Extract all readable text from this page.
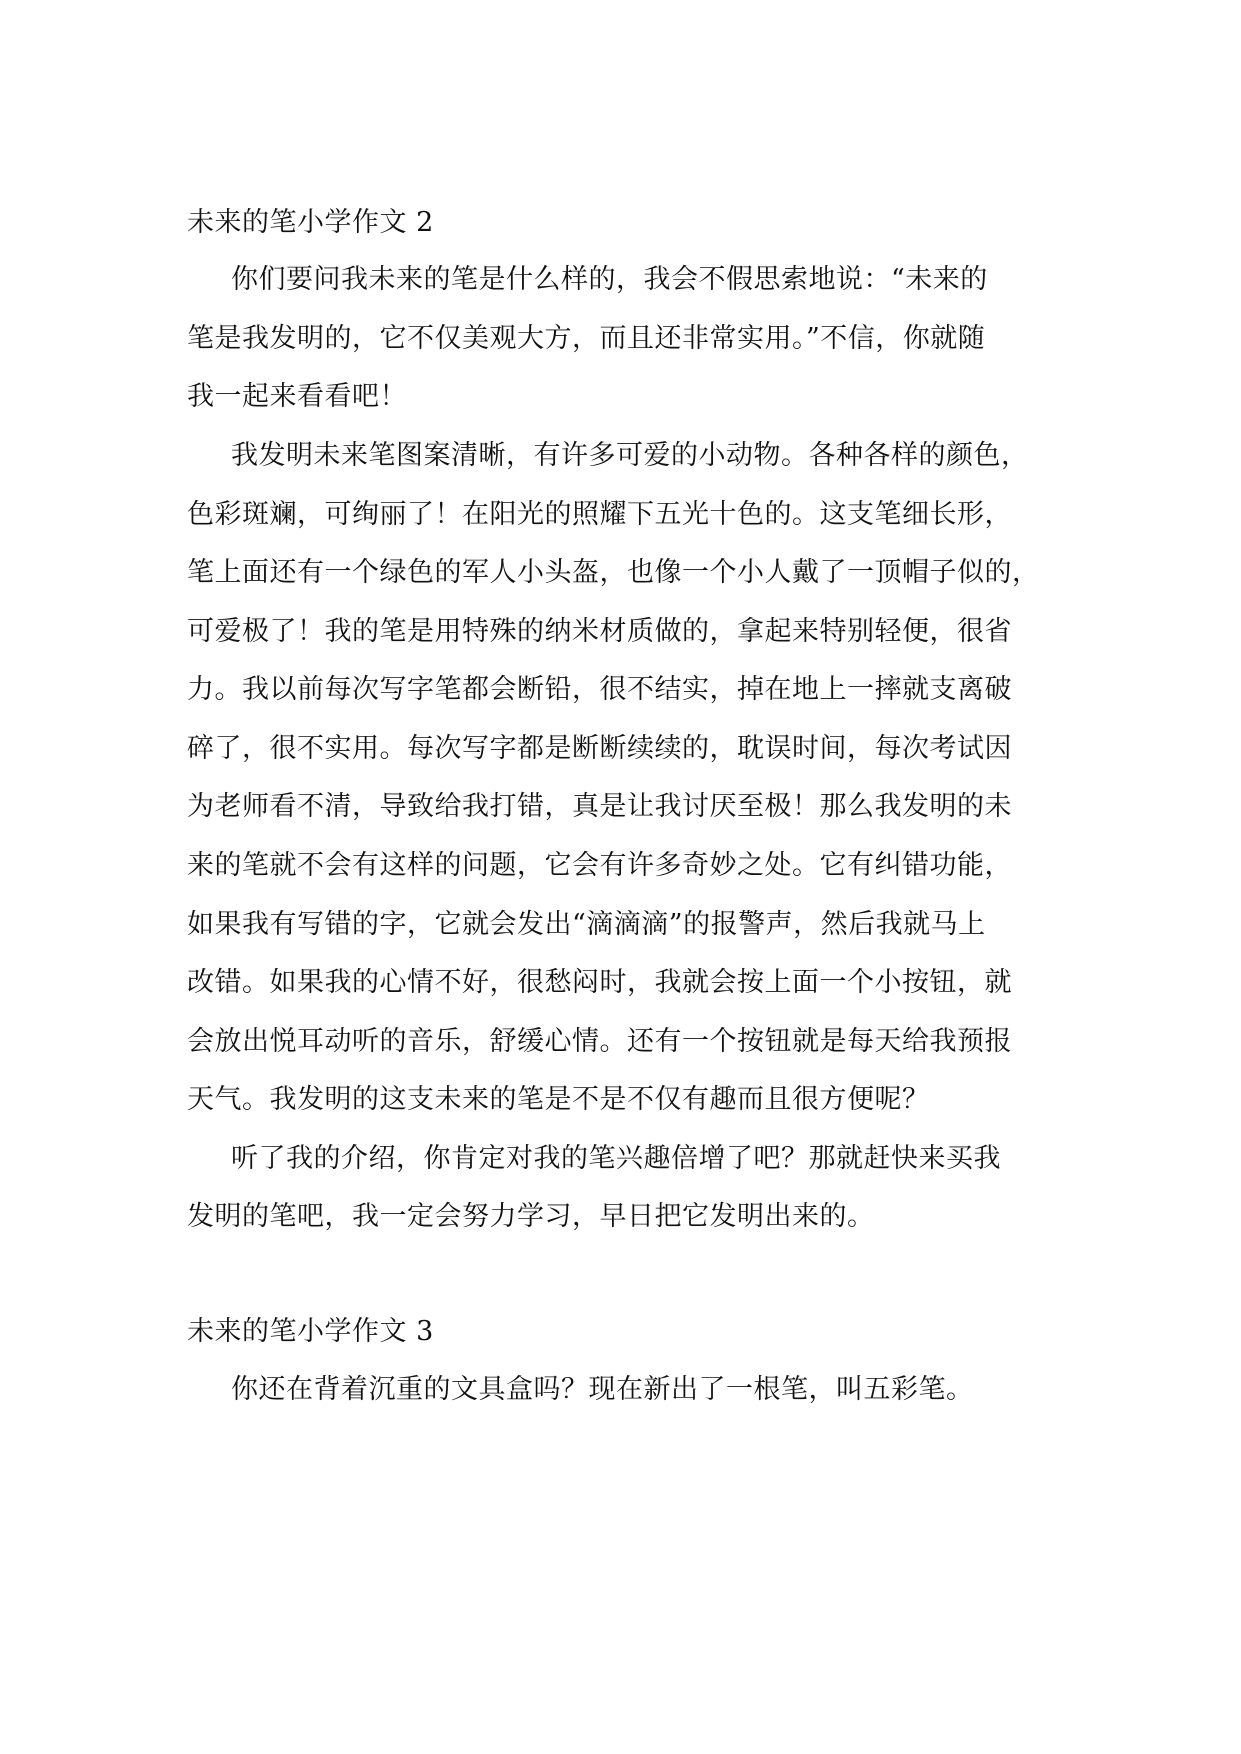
未来的笔小学作文 2
你们要问我未来的笔是什么样的，我会不假思索地说：“未来的
笔是我发明的，它不仅美观大方，而且还非常实用。”不信，你就随
我一起来看看吧！
我发明未来笔图案清晰，有许多可爱的小动物。各种各样的颜色，
色彩斑斓，可绚丽了！在阳光的照耀下五光十色的。这支笔细长形，
笔上面还有一个绿色的军人小头盔，也像一个小人戴了一顶帽子似的，
可爱极了！我的笔是用特殊的纳米材质做的，拿起来特别轻便，很省
力。我以前每次写字笔都会断铅，很不结实，掉在地上一摔就支离破
碎了，很不实用。每次写字都是断断续续的，耽误时间，每次考试因
为老师看不清，导致给我打错，真是让我讨厌至极！那么我发明的未
来的笔就不会有这样的问题，它会有许多奇妙之处。它有纠错功能，
如果我有写错的字，它就会发出“滴滴滴”的报警声，然后我就马上
改错。如果我的心情不好，很愁闷时，我就会按上面一个小按钮，就
会放出悦耳动听的音乐，舒缓心情。还有一个按钮就是每天给我预报
天气。我发明的这支未来的笔是不是不仅有趣而且很方便呢？
听了我的介绍，你肯定对我的笔兴趣倍增了吧？那就赶快来买我
发明的笔吧，我一定会努力学习，早日把它发明出来的。
未来的笔小学作文 3
你还在背着沉重的文具盒吗？现在新出了一根笔，叫五彩笔。
